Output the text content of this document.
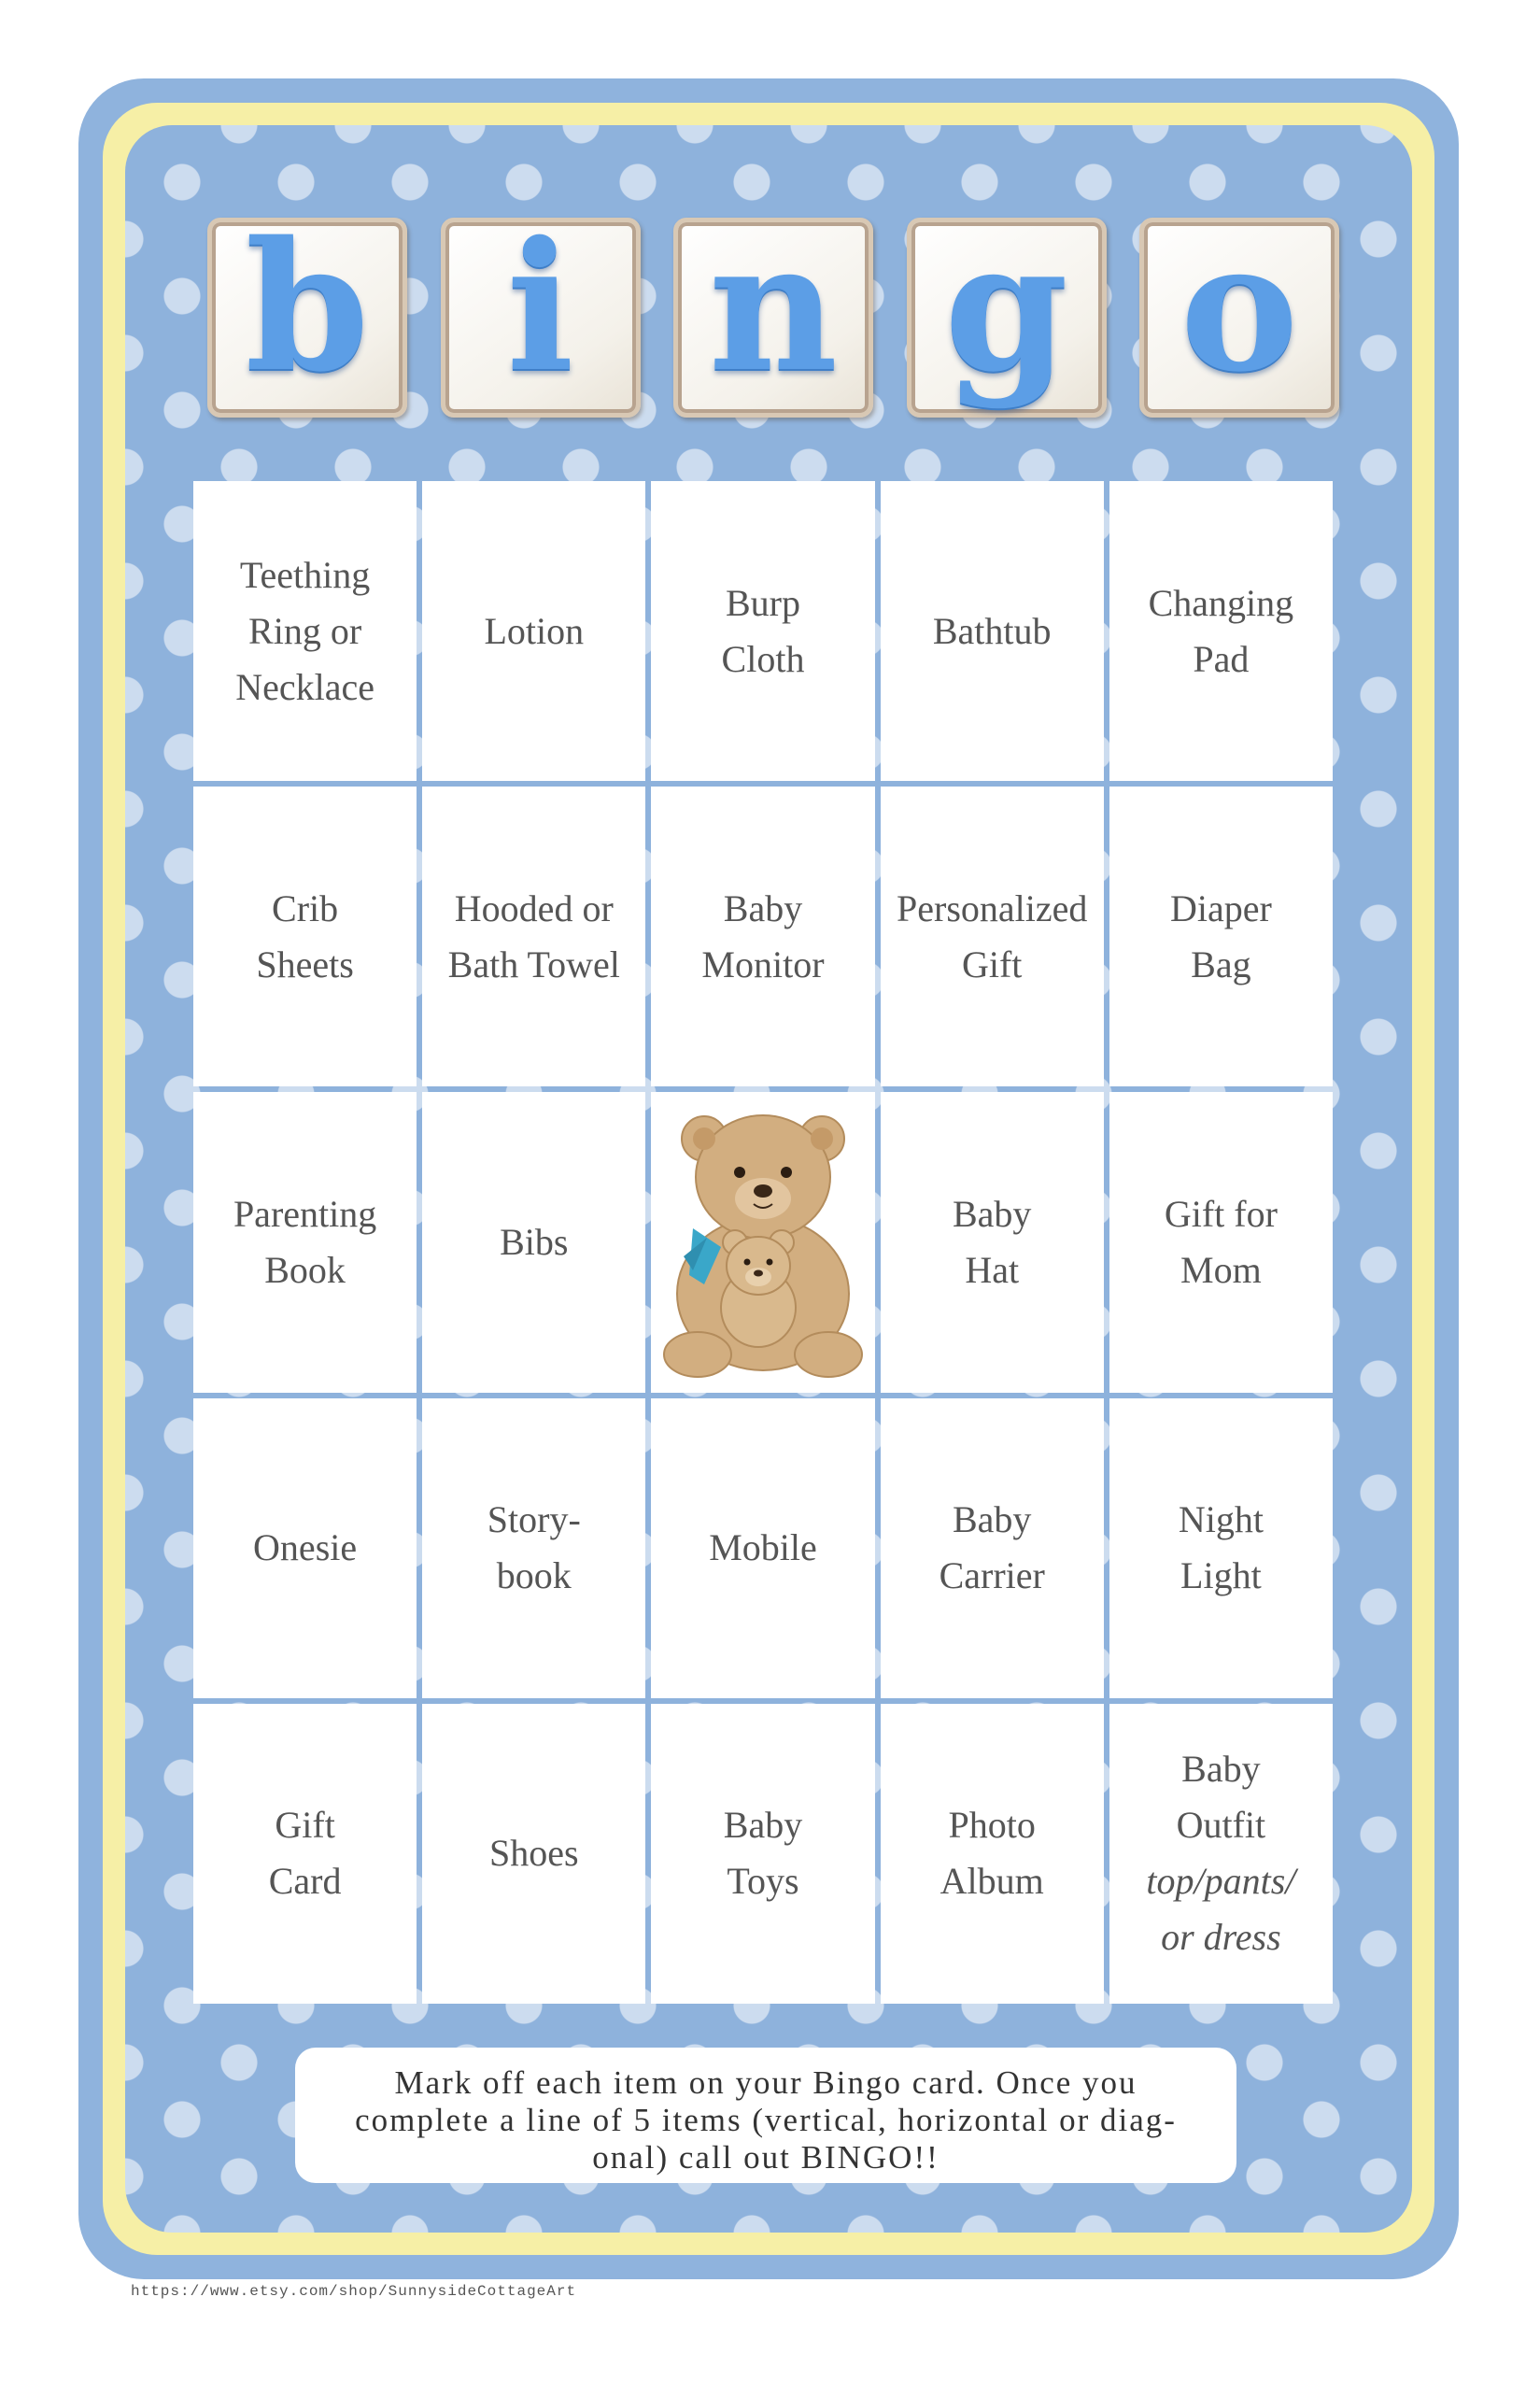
b i n g o
Teething
Ring or
Necklace
Lotion
Burp
Cloth
Bathtub
Changing
Pad
Crib
Sheets
Hooded or
Bath Towel
Baby
Monitor
Personalized
Gift
Diaper
Bag
Parenting
Book
Bibs
Baby
Hat
Gift for
Mom
Onesie
Story-
book
Mobile
Baby
Carrier
Night
Light
Gift
Card
Shoes
Baby
Toys
Photo
Album
Baby
Outfit
top/pants/
or dress
Mark off each item on your Bingo card. Once you
complete a line of 5 items (vertical, horizontal or diag-
onal) call out BINGO!!
https://www.etsy.com/shop/SunnysideCottageArt
